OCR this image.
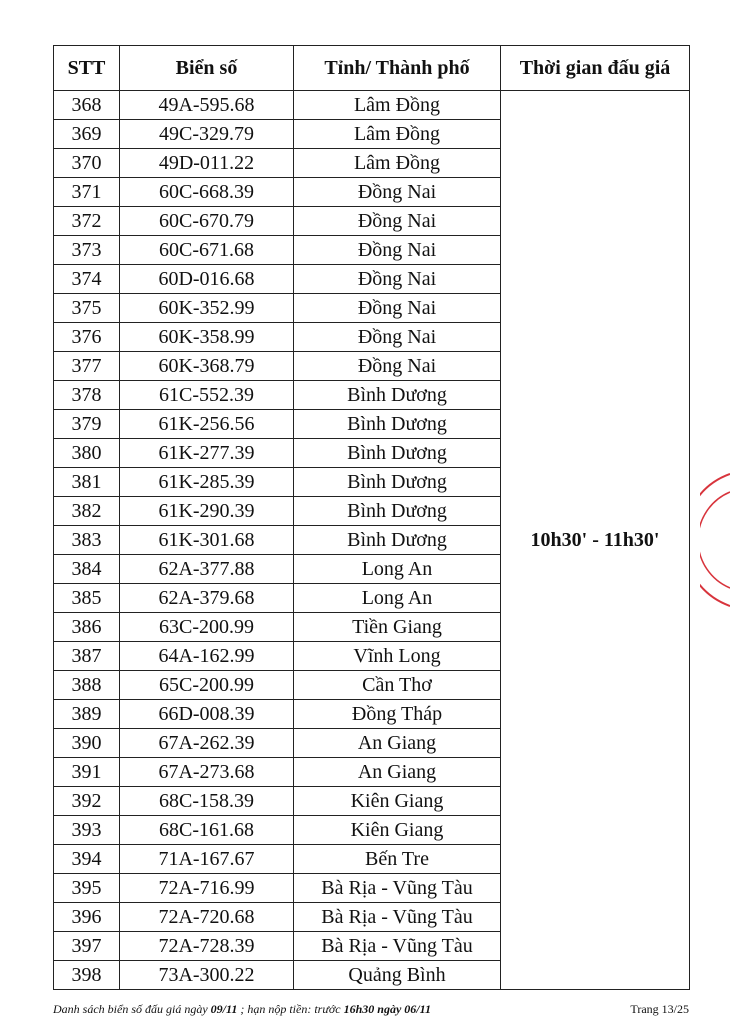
STT	Biển số	Tỉnh/ Thành phố	Thời gian đấu giá
368	49A-595.68	Lâm Đồng	10h30' - 11h30'
369	49C-329.79	Lâm Đồng	
370	49D-011.22	Lâm Đồng	
371	60C-668.39	Đồng Nai	
372	60C-670.79	Đồng Nai	
373	60C-671.68	Đồng Nai	
374	60D-016.68	Đồng Nai	
375	60K-352.99	Đồng Nai	
376	60K-358.99	Đồng Nai	
377	60K-368.79	Đồng Nai	
378	61C-552.39	Bình Dương	
379	61K-256.56	Bình Dương	
380	61K-277.39	Bình Dương	
381	61K-285.39	Bình Dương	
382	61K-290.39	Bình Dương	
383	61K-301.68	Bình Dương	
384	62A-377.88	Long An	
385	62A-379.68	Long An	
386	63C-200.99	Tiền Giang	
387	64A-162.99	Vĩnh Long	
388	65C-200.99	Cần Thơ	
389	66D-008.39	Đồng Tháp	
390	67A-262.39	An Giang	
391	67A-273.68	An Giang	
392	68C-158.39	Kiên Giang	
393	68C-161.68	Kiên Giang	
394	71A-167.67	Bến Tre	
395	72A-716.99	Bà Rịa - Vũng Tàu	
396	72A-720.68	Bà Rịa - Vũng Tàu	
397	72A-728.39	Bà Rịa - Vũng Tàu	
398	73A-300.22	Quảng Bình	
Danh sách biển số đấu giá ngày 09/11 ; hạn nộp tiền: trước 16h30 ngày 06/11	Trang 13/25
